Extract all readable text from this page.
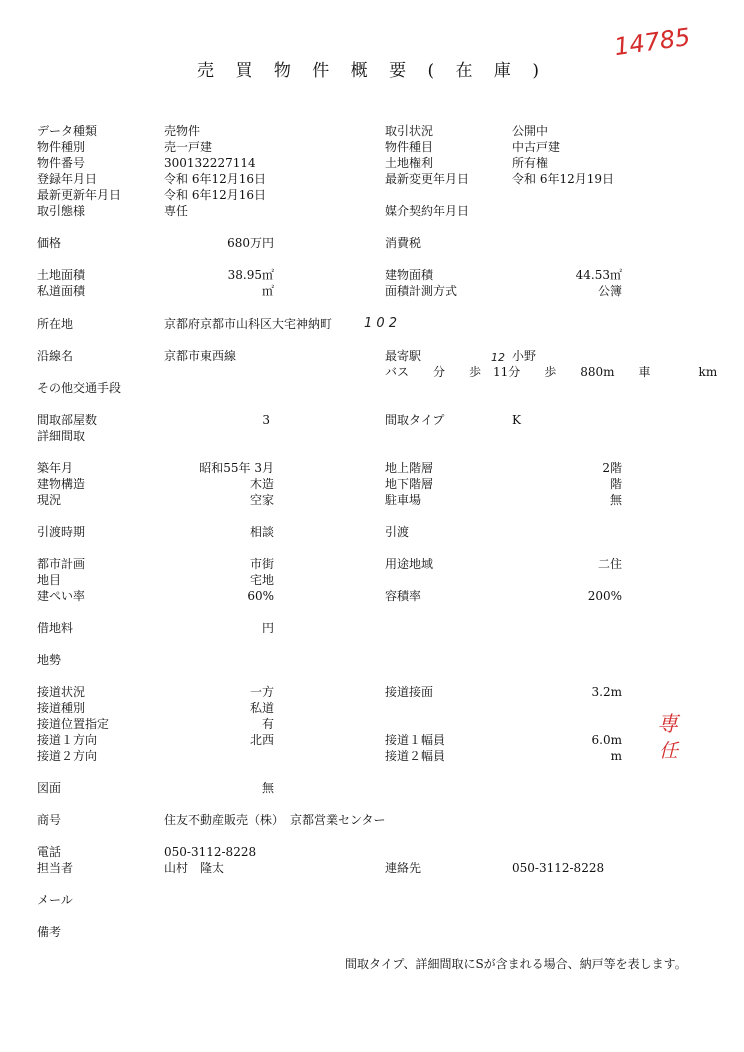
14785
専
任
1 0 2
12
売 買 物 件 概 要 ( 在 庫 )
データ種類	売物件
物件種別	売一戸建
物件番号	300132227114
登録年月日	令和 6年12月16日
最新更新年月日	令和 6年12月16日
取引態様	専任
取引状況	公開中
物件種目	中古戸建
土地権利	所有権
最新変更年月日	令和 6年12月19日
媒介契約年月日
価格	680万円	消費税
土地面積	38.95㎡
私道面積	㎡
建物面積	44.53㎡
面積計測方式	公簿
所在地	京都府京都市山科区大宅神納町
沿線名	京都市東西線	最寄駅	小野
バス　　分　　歩　11分　　歩　　880m　　車　　　　km
その他交通手段
間取部屋数	3	間取タイプ	K
詳細間取
築年月	昭和55年 3月
建物構造	木造
現況	空家
地上階層	2階
地下階層	階
駐車場	無
引渡時期	相談	引渡
都市計画	市街
地目	宅地
建ぺい率	60%
用途地域	二住
容積率	200%
借地料	円
地勢
接道状況	一方
接道種別	私道
接道位置指定	有
接道１方向	北西
接道２方向
接道接面	3.2m
接道１幅員	6.0m
接道２幅員	m
図面	無
商号	住友不動産販売（株）　京都営業センター
電話	050-3112-8228
担当者	山村　隆太	連絡先	050-3112-8228
メール
備考
間取タイプ、詳細間取にSが含まれる場合、納戸等を表します。
